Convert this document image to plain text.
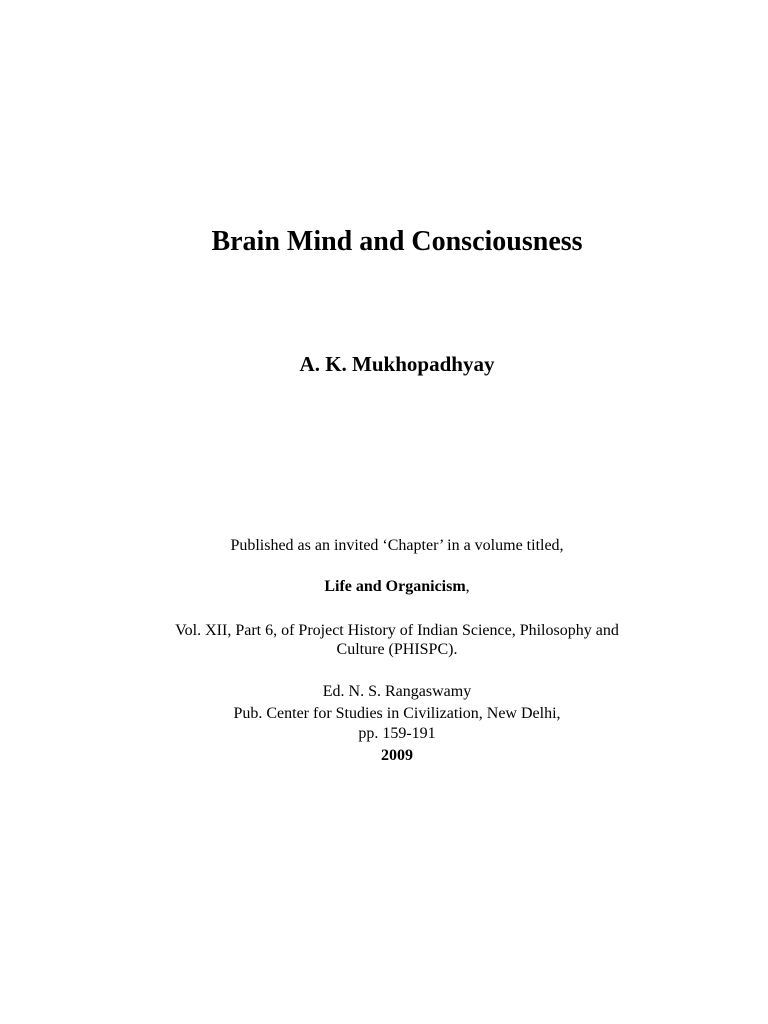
Brain Mind and Consciousness
A. K. Mukhopadhyay
Published as an invited ‘Chapter’ in a volume titled,
Life and Organicism,
Vol. XII, Part 6, of Project History of Indian Science, Philosophy and
Culture (PHISPC).
Ed. N. S. Rangaswamy
Pub. Center for Studies in Civilization, New Delhi,
pp. 159-191
2009
